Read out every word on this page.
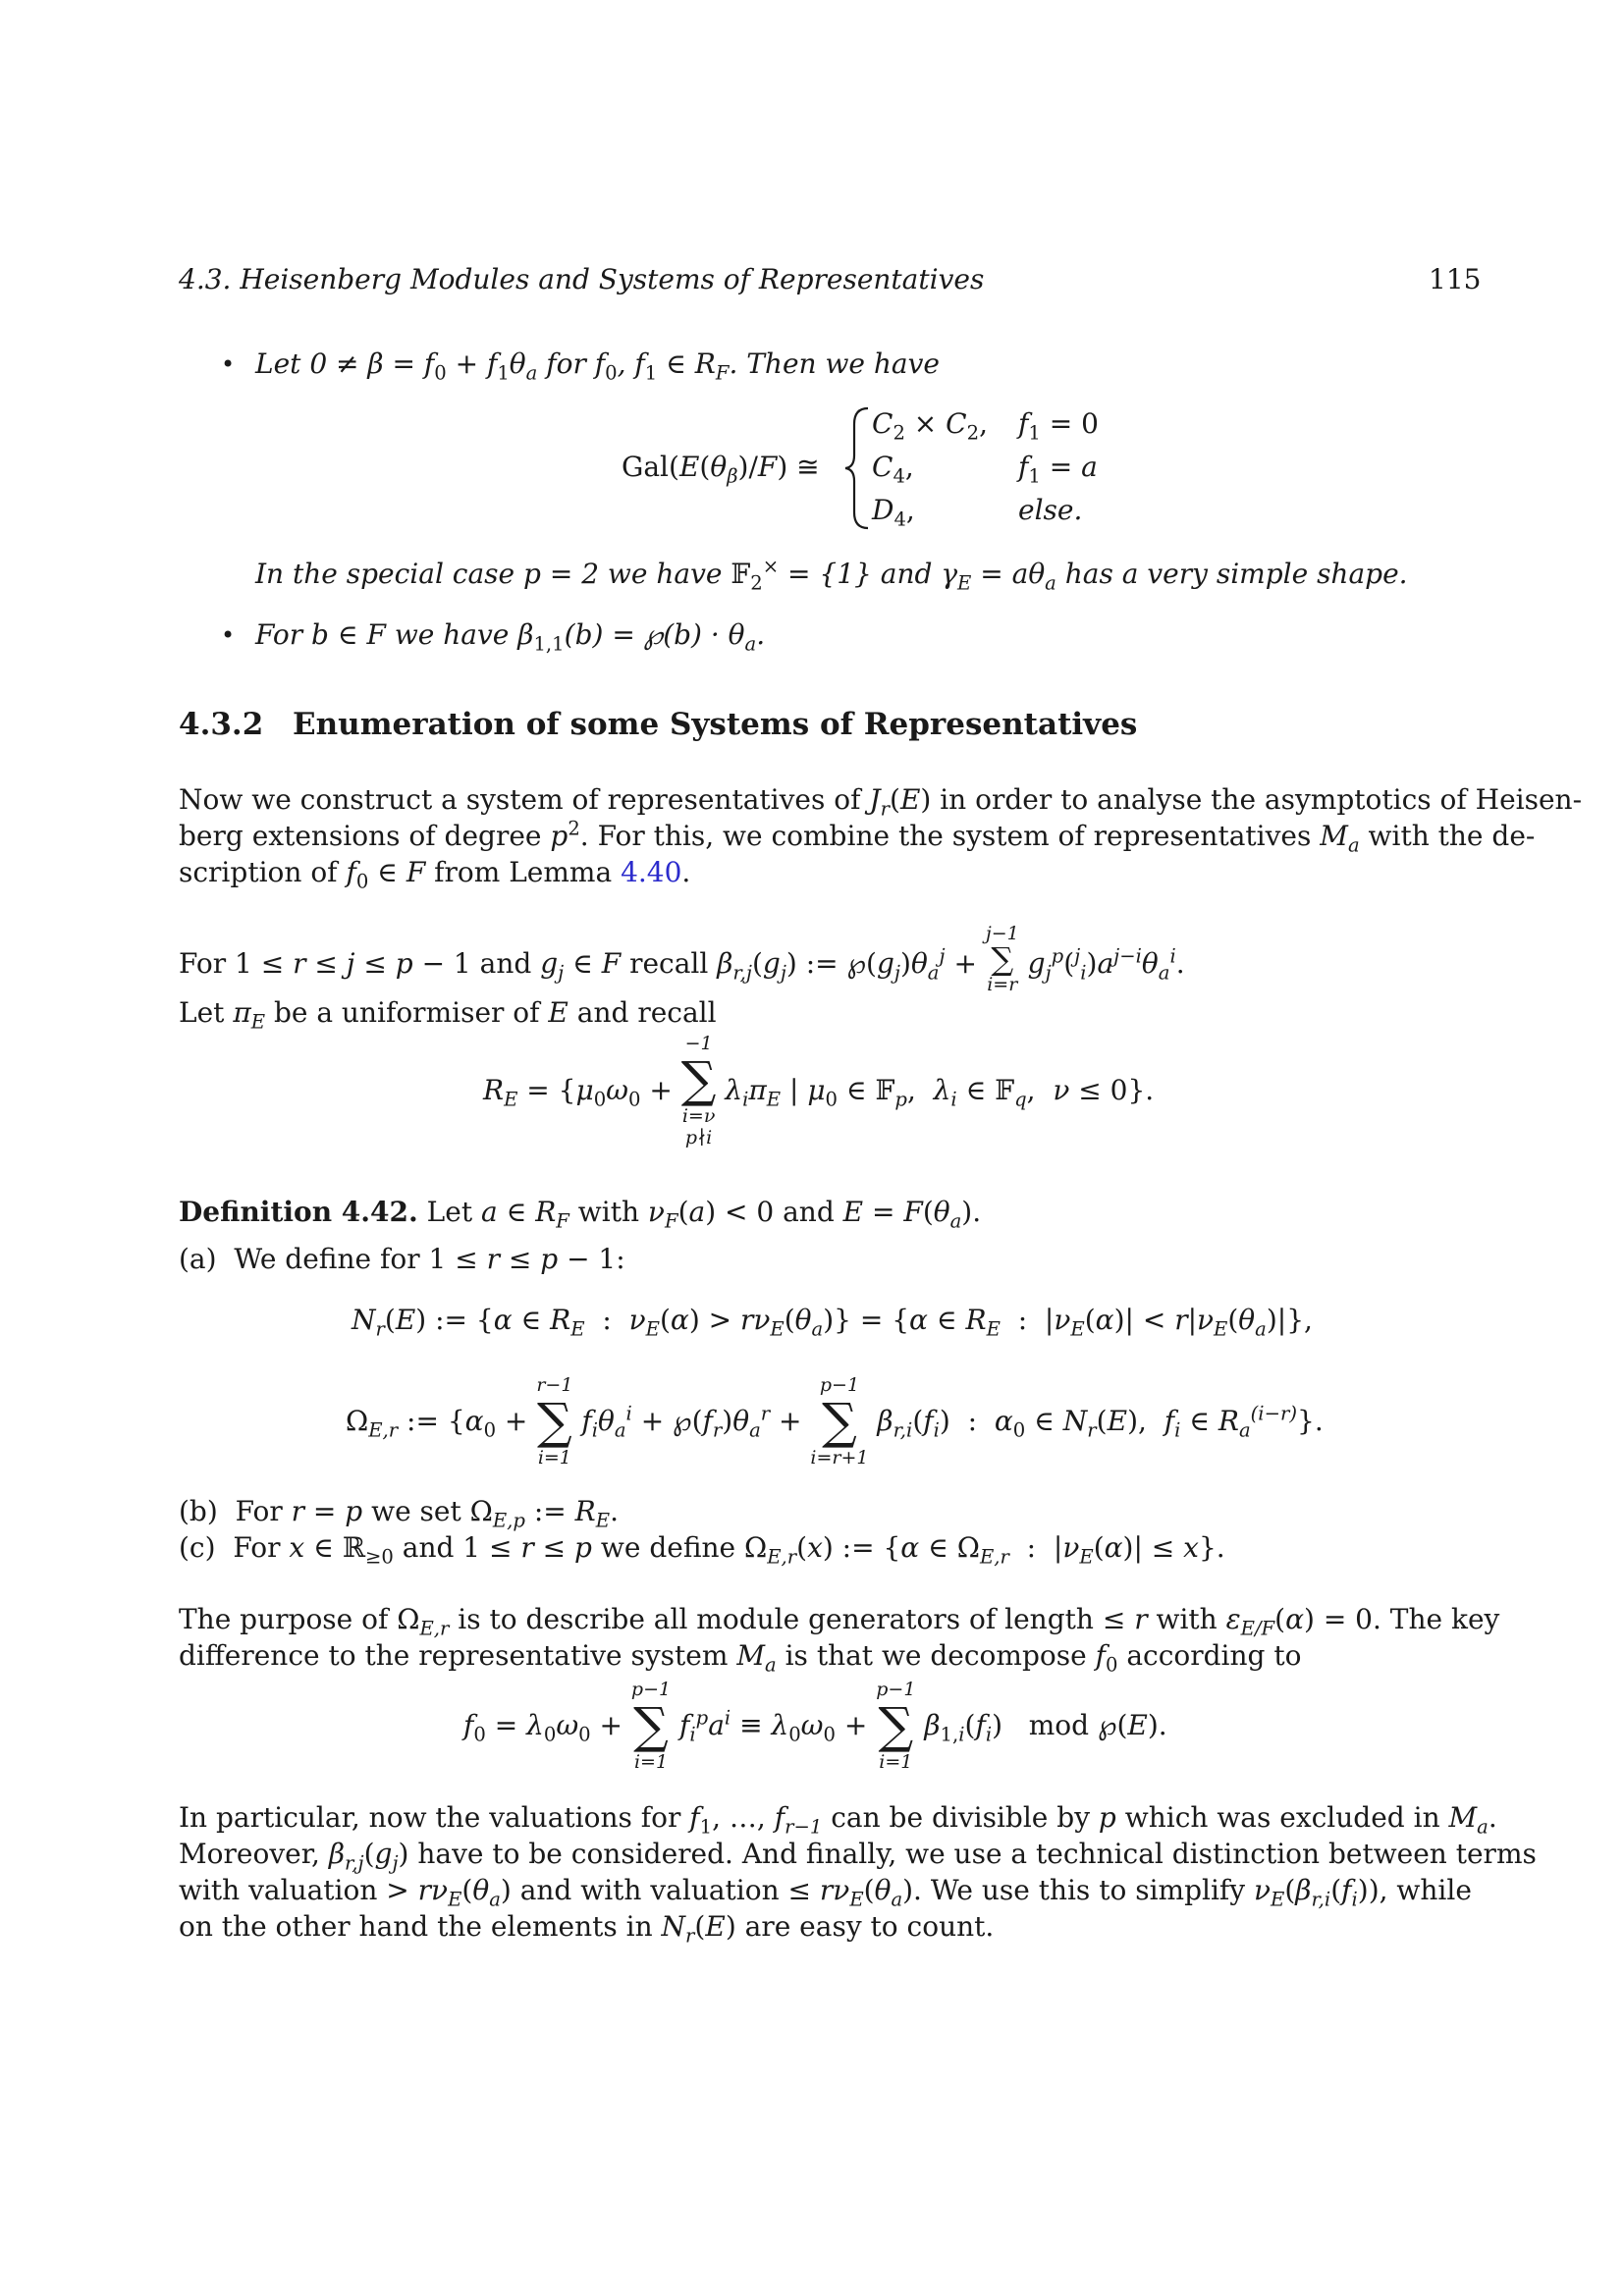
4.3. Heisenberg Modules and Systems of Representatives	115
• Let $0 \ne \beta = f_0 + f_1\theta_a$ for $f_0$, $f_1$ ∈ $R_F$. Then we have
$Gal(E(\theta_\beta)/F)$ ≅
$C_2 \times C_2$, $f_1 = 0$
$C_4$,	$f_1 = a$
$D_4$,	else.
In the special case p = 2 we have 𝔽$_2$× = {1} and $\gamma_E = a\theta_a$ has a very simple shape.
• For b ∈ F we have $\beta_{1,1}(b)$ = ℘(b) · $\theta_a$.
4.3.2 Enumeration of some Systems of Representatives
Now we construct a system of representatives of $J_r(E)$ in order to analyse the asymptotics of Heisen-
berg extensions of degree $p^2$. For this, we combine the system of representatives $M_a$ with the de-
scription of $f_0$ ∈ F from Lemma 4.40.
For 1 ≤ r ≤ j ≤ p − 1 and $g_j$ ∈ F recall $\beta_{r,j}(g_j)$ := $℘(g_j)\theta_a^j$ +
j−1
∑
i=r
$g_j^p(^j_i)a^{j-i}\theta_a^i$.
Let $\pi_E$ be a uniformiser of E and recall
$R_E = \{\mu_0\omega_0$ +
−1
∑
i=ν
p∤i
$\lambda_i\pi_E$ | $\mu_0$ ∈ 𝔽$_p$,  $\lambda_i$ ∈ 𝔽$_q$,  ν ≤ 0}.
Definition 4.42. Let a ∈ $R_F$ with $\nu_F(a) < 0$ and $E = F(\theta_a)$.
(a)  We define for 1 ≤ r ≤ p − 1:
$N_r(E)$ := {α ∈ $R_E$  :  $\nu_E(\alpha) > r\nu_E(\theta_a)\} = \{\alpha$ ∈ $R_E$  :  $|\nu_E(\alpha)| < r|\nu_E(\theta_a)|$},
$\Omega_{E,r}$ := {$\alpha_0$ +
r−1
∑
i=1
$f_i\theta_a^i$ + $℘(f_r)\theta_a^r$ +
p−1
∑
i=r+1
$\beta_{r,i}(f_i)$  :  $\alpha_0$ ∈ $N_r(E)$,  $f_i$ ∈ $R_a^{(i-r)}$}.
(b)  For r = p we set $\Omega_{E,p}$ := $R_E$.
(c)  For x ∈ ℝ$_{\ge 0}$ and 1 ≤ r ≤ p we define $\Omega_{E,r}(x)$ := {α ∈ $\Omega_{E,r}$  :  $|\nu_E(\alpha)| \le x$}.
The purpose of $\Omega_{E,r}$ is to describe all module generators of length ≤ r with $\varepsilon_{E/F}(\alpha) = 0$. The key
difference to the representative system $M_a$ is that we decompose $f_0$ according to
$f_0 = \lambda_0\omega_0$ +
p−1
∑
i=1
$f_i^pa^i \equiv \lambda_0\omega_0$ +
p−1
∑
i=1
$\beta_{1,i}(f_i)$   mod ℘(E).
In particular, now the valuations for $f_1$, …, $f_{r-1}$ can be divisible by p which was excluded in $M_a$.
Moreover, $\beta_{r,j}(g_j)$ have to be considered. And finally, we use a technical distinction between terms
with valuation > $r\nu_E(\theta_a)$ and with valuation ≤ $r\nu_E(\theta_a)$. We use this to simplify $\nu_E(\beta_{r,i}(f_i))$, while
on the other hand the elements in $N_r(E)$ are easy to count.
